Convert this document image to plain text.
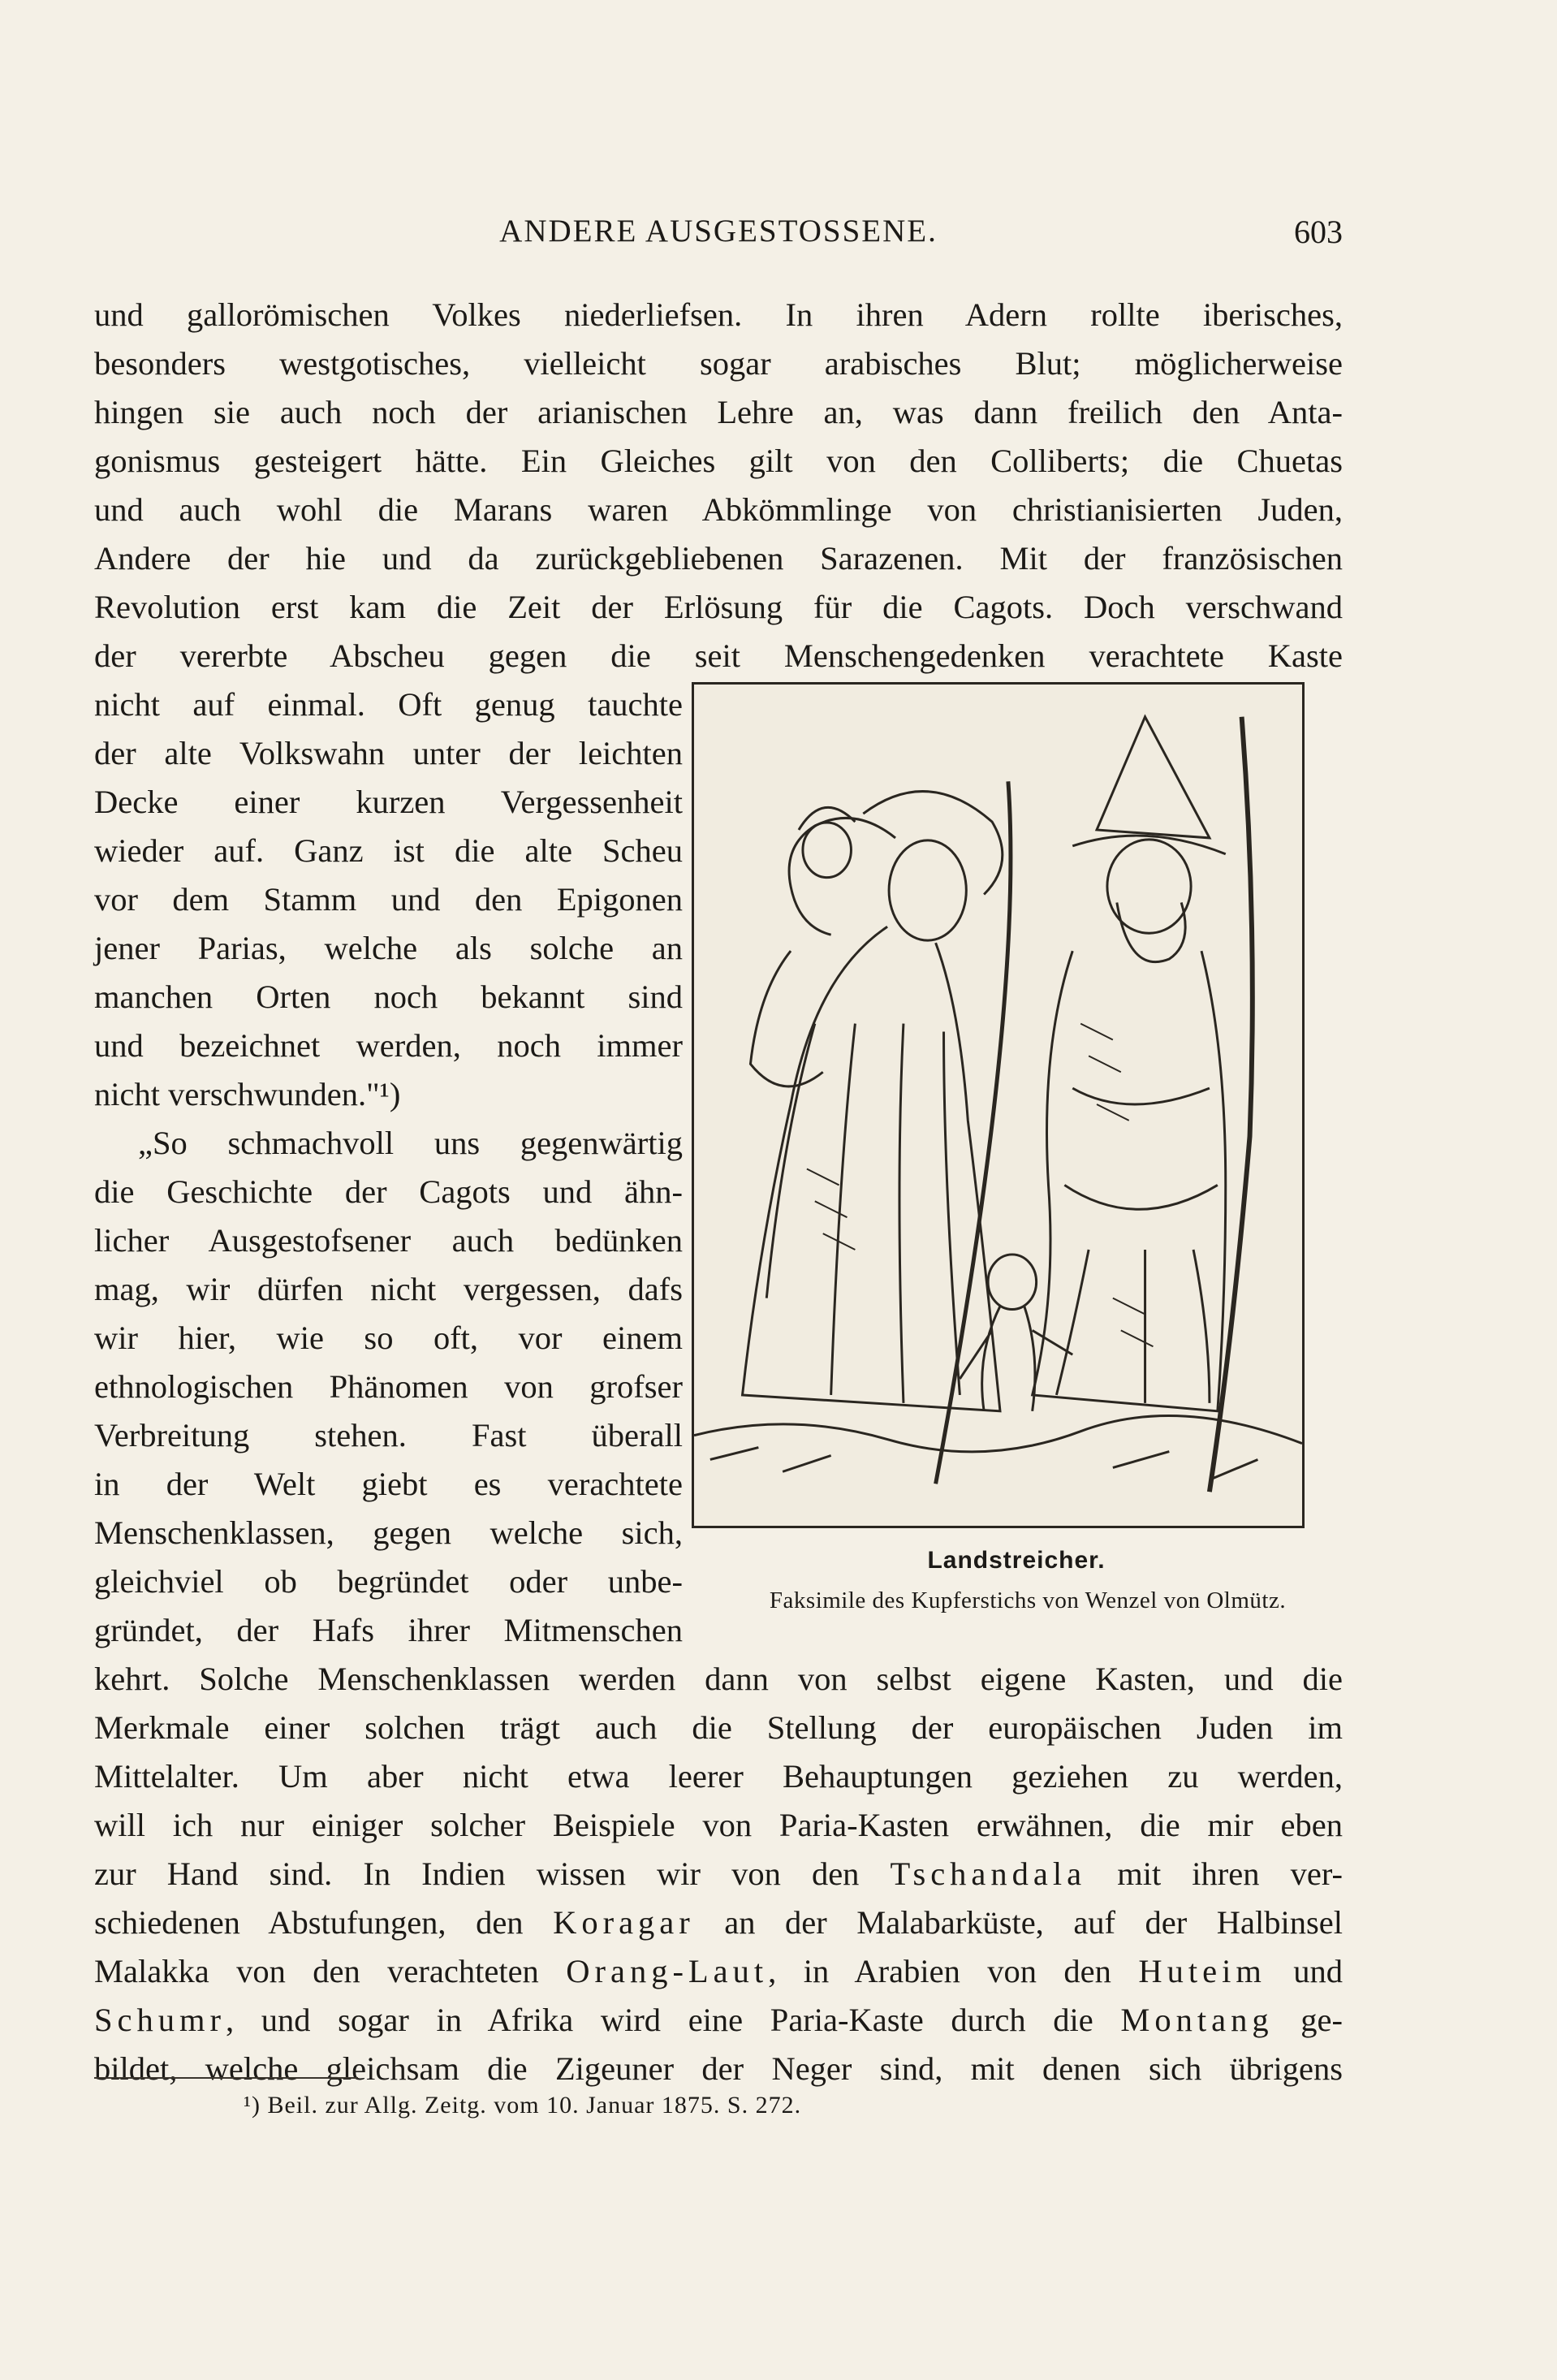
ANDERE AUSGESTOSSENE.	603
und gallorömischen Volkes niederliefsen. In ihren Adern rollte iberisches,
besonders westgotisches, vielleicht sogar arabisches Blut; möglicherweise
hingen sie auch noch der arianischen Lehre an, was dann freilich den Anta-
gonismus gesteigert hätte. Ein Gleiches gilt von den Colliberts; die Chuetas
und auch wohl die Marans waren Abkömmlinge von christianisierten Juden,
Andere der hie und da zurückgebliebenen Sarazenen. Mit der französischen
Revolution erst kam die Zeit der Erlösung für die Cagots. Doch verschwand
der vererbte Abscheu gegen die seit Menschengedenken verachtete Kaste
nicht auf einmal. Oft genug tauchte
der alte Volkswahn unter der leichten
Decke einer kurzen Vergessenheit
wieder auf. Ganz ist die alte Scheu
vor dem Stamm und den Epigonen
jener Parias, welche als solche an
manchen Orten noch bekannt sind
und bezeichnet werden, noch immer
nicht verschwunden."¹)
„So schmachvoll uns gegenwärtig
die Geschichte der Cagots und ähn-
licher Ausgestofsener auch bedünken
mag, wir dürfen nicht vergessen, dafs
wir hier, wie so oft, vor einem
ethnologischen Phänomen von grofser
Verbreitung stehen. Fast überall
in der Welt giebt es verachtete
Menschenklassen, gegen welche sich,
gleichviel ob begründet oder unbe-
gründet, der Hafs ihrer Mitmenschen
Landstreicher.
Faksimile des Kupferstichs von Wenzel von Olmütz.
kehrt. Solche Menschenklassen werden dann von selbst eigene Kasten, und die
Merkmale einer solchen trägt auch die Stellung der europäischen Juden im
Mittelalter. Um aber nicht etwa leerer Behauptungen geziehen zu werden,
will ich nur einiger solcher Beispiele von Paria-Kasten erwähnen, die mir eben
zur Hand sind. In Indien wissen wir von den Tschandala mit ihren ver-
schiedenen Abstufungen, den Koragar an der Malabarküste, auf der Halbinsel
Malakka von den verachteten Orang-Laut, in Arabien von den Huteim und
Schumr, und sogar in Afrika wird eine Paria-Kaste durch die Montang ge-
bildet, welche gleichsam die Zigeuner der Neger sind, mit denen sich übrigens
¹) Beil. zur Allg. Zeitg. vom 10. Januar 1875. S. 272.
